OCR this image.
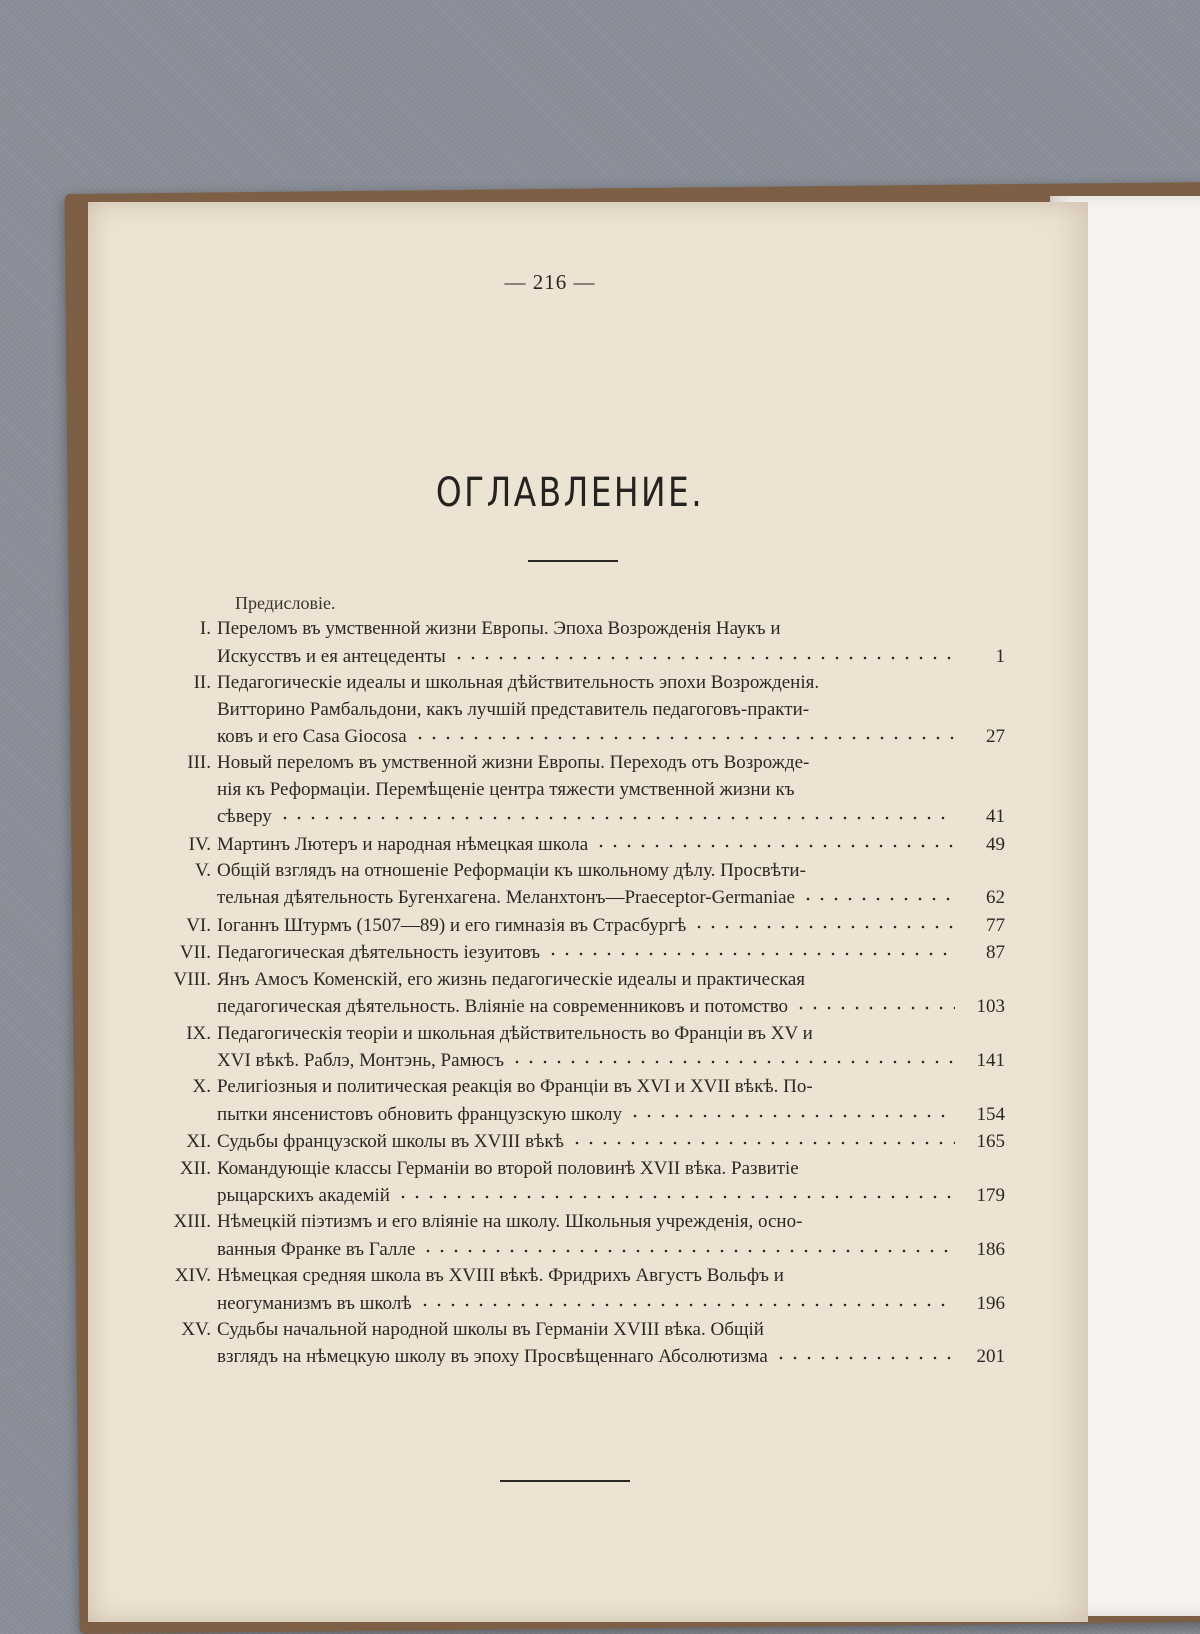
— 216 —
ОГЛАВЛЕНИЕ.
Предисловіе.
I. Переломъ въ умственной жизни Европы. Эпоха Возрожденія Наукъ и
Искусствъ и ея антецеденты	1
II. Педагогическіе идеалы и школьная дѣйствительность эпохи Возрожденія.
Витторино Рамбальдони, какъ лучшій представитель педагоговъ-практи-
ковъ и его Casa Giocosa	27
III. Новый переломъ въ умственной жизни Европы. Переходъ отъ Возрожде-
нія къ Реформаціи. Перемѣщеніе центра тяжести умственной жизни къ
сѣверу	41
IV. Мартинъ Лютеръ и народная нѣмецкая школа	49
V. Общій взглядъ на отношеніе Реформаціи къ школьному дѣлу. Просвѣти-
тельная дѣятельность Бугенхагена. Меланхтонъ—Praeceptor-Germaniae	62
VI. Іоганнъ Штурмъ (1507—89) и его гимназія въ Страсбургѣ	77
VII. Педагогическая дѣятельность іезуитовъ	87
VIII. Янъ Амосъ Коменскій, его жизнь педагогическіе идеалы и практическая
педагогическая дѣятельность. Вліяніе на современниковъ и потомство	103
IX. Педагогическія теоріи и школьная дѣйствительность во Франціи въ XV и
XVI вѣкѣ. Раблэ, Монтэнь, Рамюсъ	141
X. Религіозныя и политическая реакція во Франціи въ XVI и XVII вѣкѣ. По-
пытки янсенистовъ обновить французскую школу	154
XI. Судьбы французской школы въ XVIII вѣкѣ	165
XII. Командующіе классы Германіи во второй половинѣ XVII вѣка. Развитіе
рыцарскихъ академій	179
XIII. Нѣмецкій піэтизмъ и его вліяніе на школу. Школьныя учрежденія, осно-
ванныя Франке въ Галле	186
XIV. Нѣмецкая средняя школа въ XVIII вѣкѣ. Фридрихъ Августъ Вольфъ и
неогуманизмъ въ школѣ	196
XV. Судьбы начальной народной школы въ Германіи XVIII вѣка. Общій
взглядъ на нѣмецкую школу въ эпоху Просвѣщеннаго Абсолютизма	201
